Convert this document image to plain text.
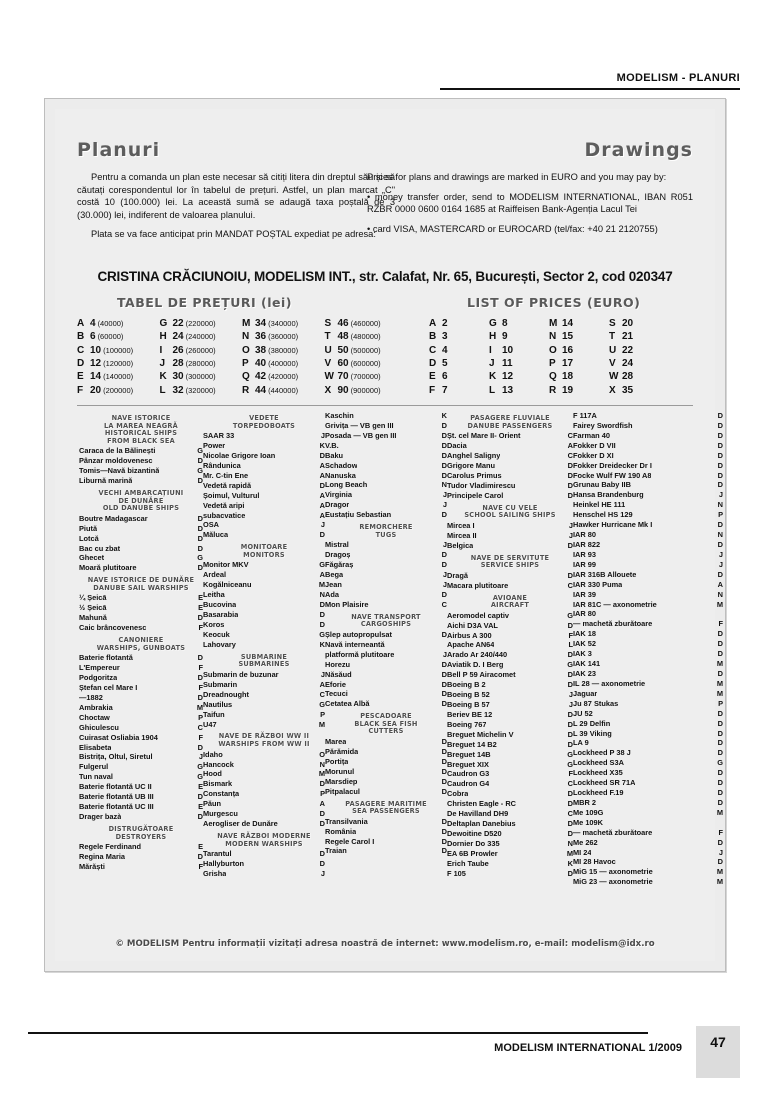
MODELISM - PLANURI
Planuri	Drawings

Pentru a comanda un plan este necesar să citiți litera din dreptul său și să căutați corespondentul lor în tabelul de prețuri. Astfel, un plan marcat „C" costă 10 (100.000) lei. La această sumă se adaugă taxa poștală de 3 (30.000) lei, indiferent de valoarea planului.

Plata se va face anticipat prin MANDAT POȘTAL expediat pe adresa:

Prices for plans and drawings are marked in EURO and you may pay by:

• money transfer order, send to MODELISM INTERNATIONAL, IBAN R051 RZBR 0000 0600 0164 1685 at Raiffeisen Bank-Agenția Lacul Tei

• card VISA, MASTERCARD or EUROCARD (tel/fax: +40 21 2120755)

CRISTINA CRĂCIUNOIU, MODELISM INT., str. Calafat, Nr. 65, București, Sector 2, cod 020347
TABEL DE PREȚURI (lei)	LIST OF PRICES (EURO)
A 4 (40000)	G 22 (220000)	M 34 (340000)	S 46 (460000)
B 6 (60000)	H 24 (240000)	N 36 (360000)	T 48 (480000)
C 10 (100000)	I	26 (260000)	O 38 (380000)	U 50 (500000)
D 12 (120000)	J 28 (280000)	P 40 (400000)	V 60 (600000)
E 14 (140000)	K 30 (300000)	Q 42 (420000)	W 70 (700000)
F 20 (200000)	L 32 (320000)	R 44 (440000)	X 90 (900000)
A 2	G 8	M 14	S 20
B 3	H 9	N 15	T 21
C 4	I	10	O 16	U 22
D 5	J 11	P 17	V 24
E 6	K 12	Q 18	W 28
F 7	L 13	R 19	X 35
NAVE ISTORICE
LA MAREA NEAGRĂ
HISTORICAL SHIPS
FROM BLACK SEA
Caraca de la Bălinești	G
Pânzar moldovenesc	D
Tomis—Navă bizantină	G
Liburnă marină	D
VECHI AMBARCAȚIUNI
DE DUNĂRE
OLD DANUBE SHIPS
Boutre Madagascar	D
Piută	D
Lotcă	D
Bac cu zbat	D
Ghecet	G
Moară plutitoare	D
NAVE ISTORICE DE DUNĂRE
DANUBE SAIL WARSHIPS
¼ Șeicā	E
½ Șeicā	E
Mahună	D
Caic brâncovenesc	F
CANONIERE
WARSHIPS, GUNBOATS
Baterie flotantă	D
L'Empereur	F
Podgoritza	D
Ștefan cel Mare I	F
—1882	D
Ambrakia	M
Choctaw	P
Ghiculescu	C
Cuirasat Osliabia 1904	F
Elisabeta	D
Bistrița, Oltul, Siretul	J
Fulgerul	G
Tun naval	G
Baterie flotantă UC II	E
Baterie flotantă UB III	D
Baterie flotantă UC III	E
Drager bazà	D
DISTRUGĂTOARE
DESTROYERS
Regele Ferdinand	E
Regina Maria	D
Mărăști	F
VEDETE
TORPEDOBOATS
SAAR 33	J
Power	K
Nicolae Grigore Ioan	D
Rândunica	A
Mr. C-tin Ene	A
Vedetă rapidă	D
Șoimul, Vulturul	A
Vedetă aripi	A
subacvatice	A
OSA	J
Măluca	D
MONITOARE
MONITORS
Monitor MKV	G
Ardeal	A
Kogălniceanu	M
Leitha	N
Bucovina	D
Basarabia	D
Koros	D
Keocuk	G
Lahovary	K
SUBMARINE
SUBMARINES
Submarin de buzunar	J
Submarin	A
Dreadnought	C
Nautilus	G
Taifun	P
U47	M
NAVE DE RĂZBOI WW II
WARSHIPS FROM WW II
Idaho	O
Hancock	N
Hood	M
Bismark	D
Constanța	P
Păun	A
Murgescu	D
Aerogliser de Dunăre	D
NAVE RĂZBOI MODERNE
MODERN WARSHIPS
Tarantul	D
Hallyburton	D
Grisha	J
Kaschin	K
Grivița — VB gen III	D
Posada — VB gen III	D
V.B.	D
Baku	D
Schadow	D
Nanuska	D
Long Beach	N
Virginia	J
Dragor	J
Eustațiu Sebastian	D
REMORCHERE
TUGS
Mistral	J
Dragoș	D
Făgăraș	D
Bega	J
Jean	J
Ada	D
Mon Plaisire	C
NAVE TRANSPORT
CARGOSHIPS
Șlep autopropulsat	D
Navă interneantă
platformă plutitoare	J
Horezu	D
Năsăud	D
Eforie	D
Tecuci	D
Cetatea Albă	D
PESCADOARE
BLACK SEA FISH
CUTTERS
Marea	D
Părămida	D
Portița	D
Morunul	D
Marsdiep	D
Pitpalacul	D
PASAGERE MARITIME
SEA PASSENGERS
Transilvania	D
România	D
Regele Carol I	D
Traian	D
PASAGERE FLUVIALE
DANUBE PASSENGERS
Șt. cel Mare II- Orient	C
Dacia	A
Anghel Saligny	C
Grigore Manu	D
Carolus Primus	D
Tudor Vladimirescu	D
Principele Carol	D
NAVE CU VELE
SCHOOL SAILING SHIPS
Mircea I	J
Mircea II	J
Belgica	D
NAVE DE SERVITUTE
SERVICE SHIPS
Dragă	D
Macara plutitoare	C
AVIOANE
AIRCRAFT
Aeromodel captiv	G
Aichi D3A VAL	D
Airbus A 300	F
Apache AN64	L
Arado Ar 240/440	D
Aviatik D. I Berg	G
Bell P 59 Airacomet	D
Boeing B 2	D
Boeing B 52	J
Boeing B 57	J
Beriev BE 12	D
Boeing 767	D
Breguet Michelin V	D
Breguet 14 B2	D
Breguet 14B	G
Breguet XIX	G
Caudron G3	F
Caudron G4	C
Cobra	D
Christen Eagle - RC	D
De Havilland DH9	C
Deltaplan Danebius	D
Dewoitine D520	D
Dornier Do 335	N
EA 6B Prowler	M
Erich Taube	K
F 105	D
F 117A	D
Fairey Swordfish	D
Farman 40	D
Fokker D VII	D
Fokker D XI	D
Fokker Dreidecker Dr I	D
Focke Wulf FW 190 A8	D
Grunau Baby IIB	D
Hansa Brandenburg	J
Heinkel HE 111	N
Henschel HS 129	P
Hawker Hurricane Mk I	D
IAR 80	N
IAR 822	D
IAR 93	J
IAR 99	J
IAR 316B Allouete	D
IAR 330 Puma	A
IAR 39	N
IAR 81C — axonometrie	M
IAR 80
— machetă zburătoare	F
IAK 18	D
IAK 52	D
IAK 3	D
IAK 141	M
IAK 23	D
IL 28 — axonometrie	M
Jaguar	M
Ju 87 Stukas	P
JU 52	D
L 29 Delfin	D
L 39 Viking	D
LA 9	D
Lockheed P 38 J	D
Lockheed S3A	G
Lockheed X35	D
Lockheed SR 71A	D
Lockheed F.19	D
MBR 2	D
Me 109G	M
Me 109K
— machetă zburătoare	F
Me 262	D
MI 24	J
MI 28 Havoc	D
MiG 15 — axonometrie	M
MiG 23 — axonometrie	M
© MODELISM Pentru informații vizitați adresa noastră de internet: www.modelism.ro, e-mail: modelism@idx.ro
MODELISM INTERNATIONAL 1/2009 47
